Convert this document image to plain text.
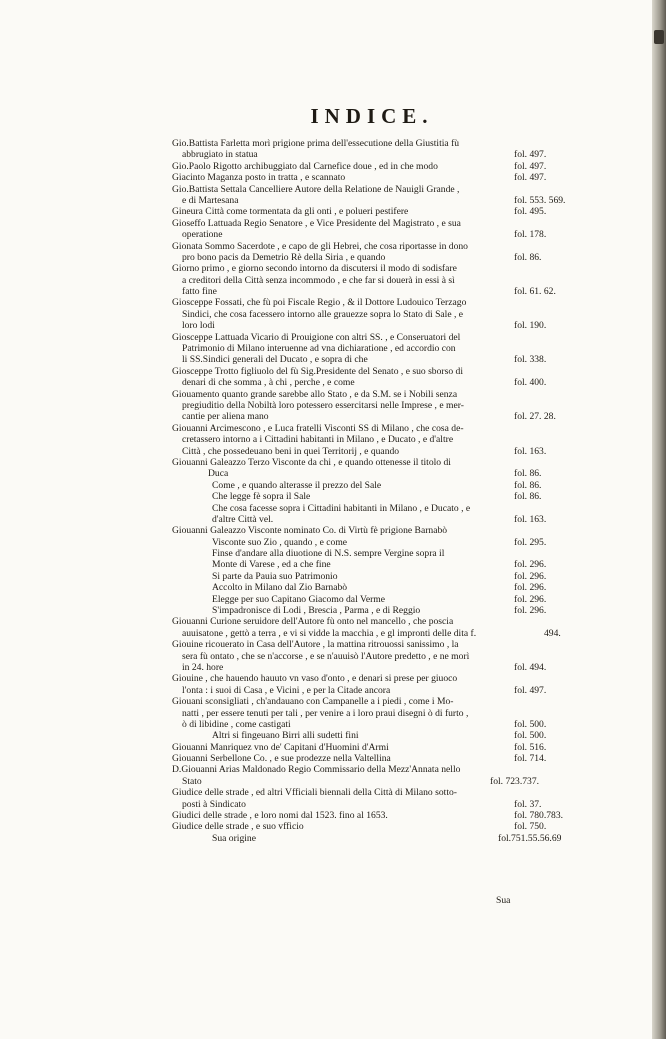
INDICE.
Gio.Battista Farletta morì prigione prima dell'essecutione della Giustitia fù
abbrugiato in statua	fol. 497.
Gio.Paolo Rigotto archibuggiato dal Carnefice doue , ed in che modo	fol. 497.
Giacinto Maganza posto in tratta , e scannato	fol. 497.
Gio.Battista Settala Cancelliere Autore della Relatione de Nauigli Grande ,
e di Martesana	fol. 553. 569.
Gineura Città come tormentata da gli onti , e polueri pestifere	fol. 495.
Gioseffo Lattuada Regio Senatore , e Vice Presidente del Magistrato , e sua
operatione	fol. 178.
Gionata Sommo Sacerdote , e capo de gli Hebrei, che cosa riportasse in dono
pro bono pacis da Demetrio Rè della Siria , e quando	fol. 86.
Giorno primo , e giorno secondo intorno da discutersi il modo di sodisfare
a creditori della Città senza incommodo , e che far si douerà in essi à sì
fatto fine	fol. 61. 62.
Giosceppe Fossati, che fù poi Fiscale Regio , & il Dottore Ludouico Terzago
Sindici, che cosa facessero intorno alle grauezze sopra lo Stato di Sale , e
loro lodi	fol. 190.
Giosceppe Lattuada Vicario di Prouigione con altri SS. , e Conseruatori del
Patrimonio di Milano interuenne ad vna dichiaratione , ed accordio con
li SS.Sindici generali del Ducato , e sopra di che	fol. 338.
Giosceppe Trotto figliuolo del fù Sig.Presidente del Senato , e suo sborso di
denari di che somma , à chi , perche , e come	fol. 400.
Giouamento quanto grande sarebbe allo Stato , e da S.M. se i Nobili senza
pregiuditio della Nobiltà loro potessero essercitarsi nelle Imprese , e mer-
cantie per aliena mano	fol. 27. 28.
Giouanni Arcimescono , e Luca fratelli Visconti SS di Milano , che cosa de-
cretassero intorno a i Cittadini habitanti in Milano , e Ducato , e d'altre
Città , che possedeuano beni in quei Territorij , e quando	fol. 163.
Giouanni Galeazzo Terzo Visconte da chi , e quando ottenesse il titolo di
Duca	fol. 86.
Come , e quando alterasse il prezzo del Sale	fol. 86.
Che legge fè sopra il Sale	fol. 86.
Che cosa facesse sopra i Cittadini habitanti in Milano , e Ducato , e
d'altre Città vel.	fol. 163.
Giouanni Galeazzo Visconte nominato Co. di Virtù fè prigione Barnabò
Visconte suo Zio , quando , e come	fol. 295.
Finse d'andare alla diuotione di N.S. sempre Vergine sopra il
Monte di Varese , ed a che fine	fol. 296.
Si parte da Pauia suo Patrimonio	fol. 296.
Accolto in Milano dal Zio Barnabò	fol. 296.
Elegge per suo Capitano Giacomo dal Verme	fol. 296.
S'impadronisce di Lodi , Brescia , Parma , e di Reggio	fol. 296.
Giouanni Curione seruidore dell'Autore fù onto nel mancello , che poscia
auuisatone , gettò a terra , e vi si vidde la macchia , e gl impronti delle dita f.	494.
Giouine ricouerato in Casa dell'Autore , la mattina ritrouossi sanissimo , la
sera fù ontato , che se n'accorse , e se n'auuisò l'Autore predetto , e ne morì
in 24. hore	fol. 494.
Giouine , che hauendo hauuto vn vaso d'onto , e denari si prese per giuoco
l'onta : i suoi di Casa , e Vicini , e per la Citade ancora	fol. 497.
Giouani sconsigliati , ch'andauano con Campanelle a i piedi , come i Mo-
natti , per essere tenuti per tali , per venire a i loro praui disegni ò di furto ,
ò di libidine , come castigati	fol. 500.
Altri si fingeuano Birri alli sudetti fini	fol. 500.
Giouanni Manriquez vno de' Capitani d'Huomini d'Armi	fol. 516.
Giouanni Serbellone Co. , e sue prodezze nella Valtellina	fol. 714.
D.Giouanni Arias Maldonado Regio Commissario della Mezz'Annata nello
Stato	fol. 723.737.
Giudice delle strade , ed altri Vfficiali biennali della Città di Milano sotto-
posti à Sindicato	fol. 37.
Giudici delle strade , e loro nomi dal 1523. fino al 1653.	fol. 780.783.
Giudice delle strade , e suo vfficio	fol. 750.
Sua origine	fol.751.55.56.69
Sua
